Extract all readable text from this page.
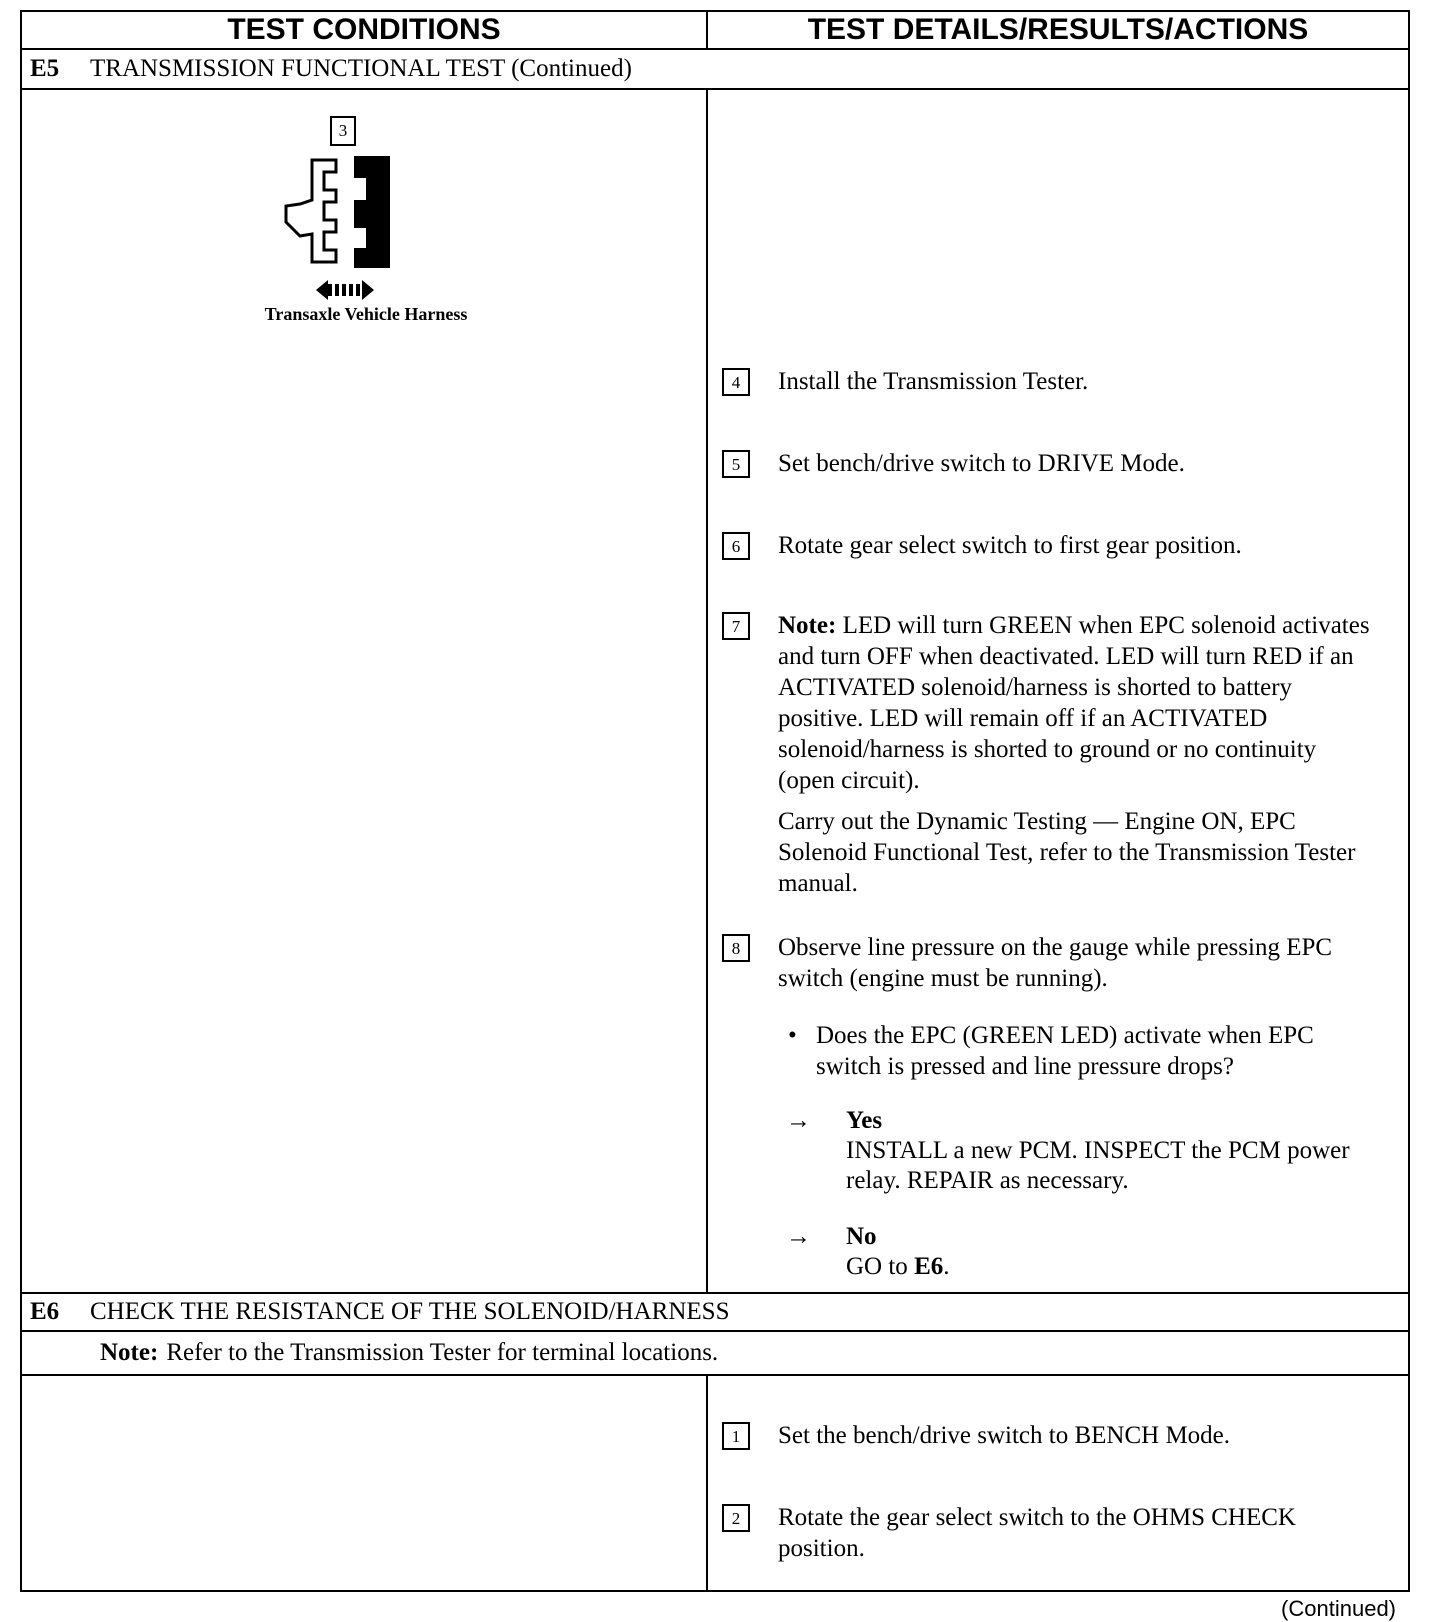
TEST CONDITIONS	TEST DETAILS/RESULTS/ACTIONS
E5	TRANSMISSION FUNCTIONAL TEST (Continued)
3
Transaxle Vehicle Harness
4	Install the Transmission Tester.
5	Set bench/drive switch to DRIVE Mode.
6	Rotate gear select switch to first gear position.
7	Note: LED will turn GREEN when EPC solenoid activates and turn OFF when deactivated. LED will turn RED if an ACTIVATED solenoid/harness is shorted to battery positive. LED will remain off if an ACTIVATED solenoid/harness is shorted to ground or no continuity (open circuit).
Carry out the Dynamic Testing — Engine ON, EPC Solenoid Functional Test, refer to the Transmission Tester manual.
8	Observe line pressure on the gauge while pressing EPC switch (engine must be running).
• Does the EPC (GREEN LED) activate when EPC switch is pressed and line pressure drops?
→	Yes
INSTALL a new PCM. INSPECT the PCM power relay. REPAIR as necessary.
→	No
GO to E6.
E6	CHECK THE RESISTANCE OF THE SOLENOID/HARNESS
Note: Refer to the Transmission Tester for terminal locations.
1	Set the bench/drive switch to BENCH Mode.
2	Rotate the gear select switch to the OHMS CHECK position.
(Continued)
